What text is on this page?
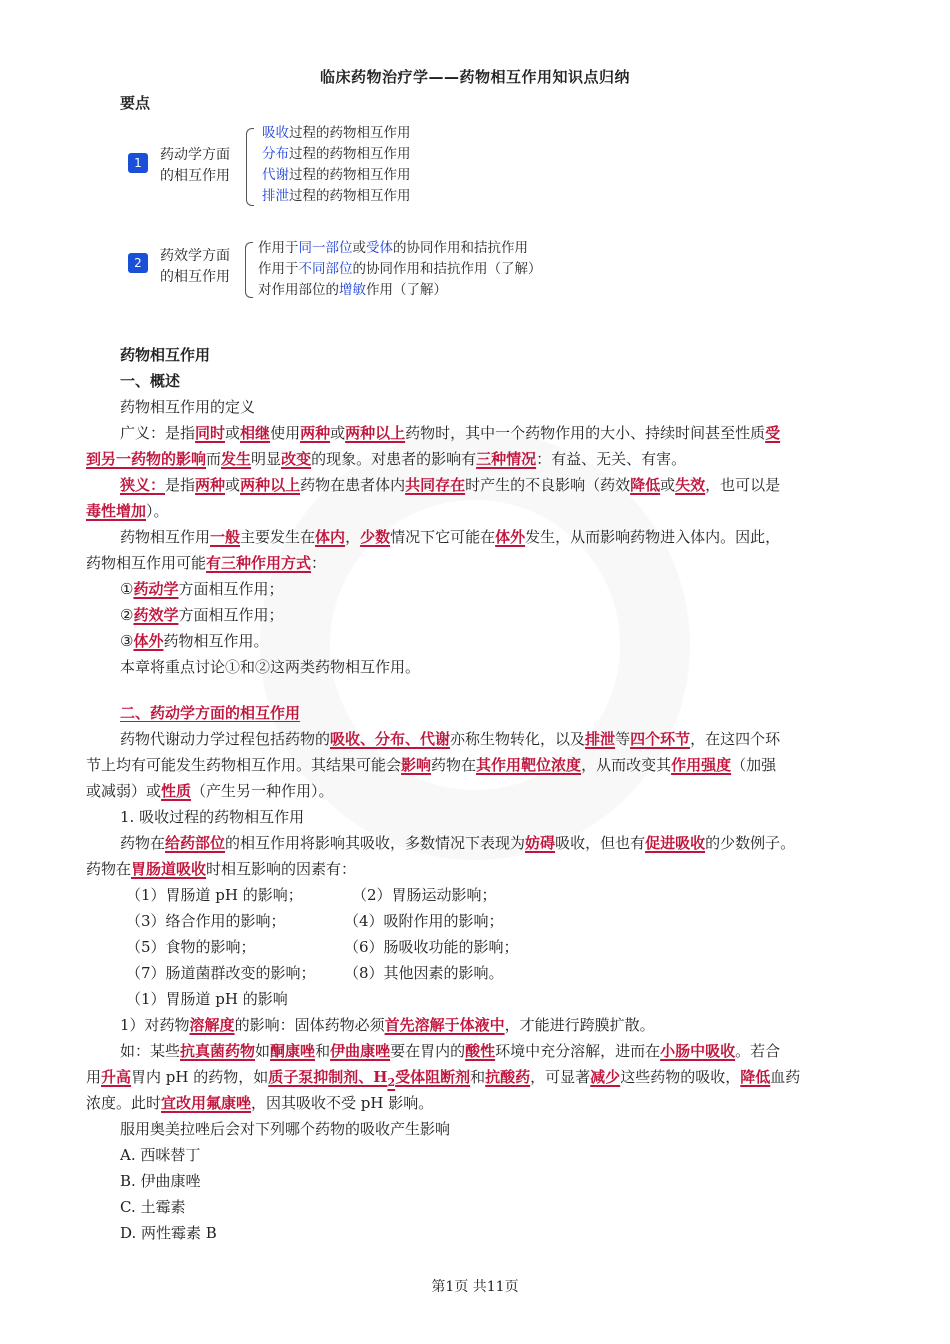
临床药物治疗学——药物相互作用知识点归纳
要点
1	药动学方面
的相互作用
吸收过程的药物相互作用
分布过程的药物相互作用
代谢过程的药物相互作用
排泄过程的药物相互作用
2	药效学方面
的相互作用
作用于同一部位或受体的协同作用和拮抗作用
作用于不同部位的协同作用和拮抗作用（了解）
对作用部位的增敏作用（了解）
药物相互作用
一、概述
药物相互作用的定义
广义：是指同时或相继使用两种或两种以上药物时，其中一个药物作用的大小、持续时间甚至性质受
到另一药物的影响而发生明显改变的现象。对患者的影响有三种情况：有益、无关、有害。
狭义：是指两种或两种以上药物在患者体内共同存在时产生的不良影响（药效降低或失效，也可以是
毒性增加）。
药物相互作用一般主要发生在体内，少数情况下它可能在体外发生，从而影响药物进入体内。因此，
药物相互作用可能有三种作用方式：
①药动学方面相互作用；
②药效学方面相互作用；
③体外药物相互作用。
本章将重点讨论①和②这两类药物相互作用。
二、药动学方面的相互作用
药物代谢动力学过程包括药物的吸收、分布、代谢亦称生物转化，以及排泄等四个环节，在这四个环
节上均有可能发生药物相互作用。其结果可能会影响药物在其作用靶位浓度，从而改变其作用强度（加强
或减弱）或性质（产生另一种作用）。
1. 吸收过程的药物相互作用
药物在给药部位的相互作用将影响其吸收，多数情况下表现为妨碍吸收，但也有促进吸收的少数例子。
药物在胃肠道吸收时相互影响的因素有：
（1）胃肠道 pH 的影响；	（2）胃肠运动影响；
（3）络合作用的影响；	（4）吸附作用的影响；
（5）食物的影响；	（6）肠吸收功能的影响；
（7）肠道菌群改变的影响； （8）其他因素的影响。
（1）胃肠道 pH 的影响
1）对药物溶解度的影响：固体药物必须首先溶解于体液中，才能进行跨膜扩散。
如：某些抗真菌药物如酮康唑和伊曲康唑要在胃内的酸性环境中充分溶解，进而在小肠中吸收。若合
用升高胃内 pH 的药物，如质子泵抑制剂、$H_2$受体阻断剂和抗酸药，可显著减少这些药物的吸收，降低血药
浓度。此时宜改用氟康唑，因其吸收不受 pH 影响。
服用奥美拉唑后会对下列哪个药物的吸收产生影响
A. 西咪替丁
B. 伊曲康唑
C. 土霉素
D. 两性霉素 B
第1页 共11页
